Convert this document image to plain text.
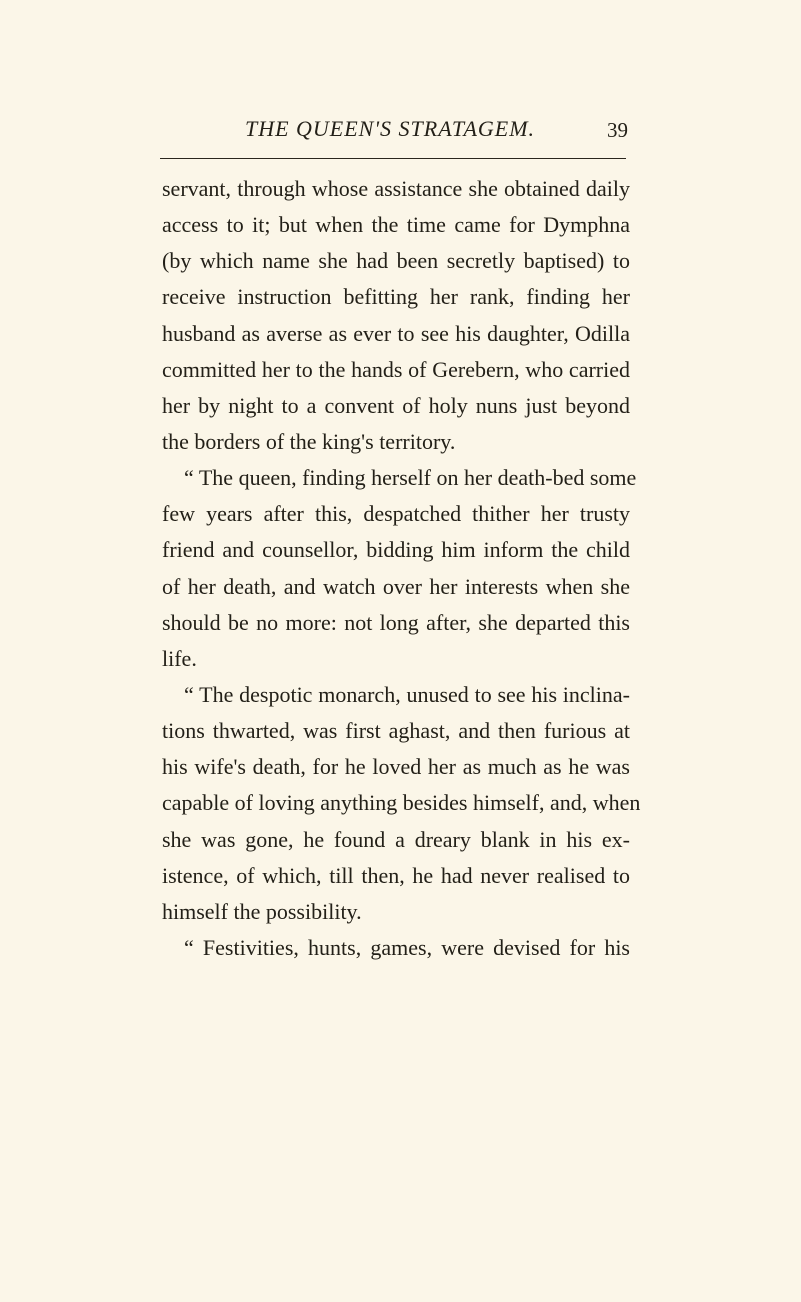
THE QUEEN'S STRATAGEM.	39
servant, through whose assistance she obtained daily
access to it; but when the time came for Dymphna
(by which name she had been secretly baptised) to
receive instruction befitting her rank, finding her
husband as averse as ever to see his daughter, Odilla
committed her to the hands of Gerebern, who carried
her by night to a convent of holy nuns just beyond
the borders of the king's territory.
“ The queen, finding herself on her death-bed some
few years after this, despatched thither her trusty
friend and counsellor, bidding him inform the child
of her death, and watch over her interests when she
should be no more: not long after, she departed this
life.
“ The despotic monarch, unused to see his inclina-
tions thwarted, was first aghast, and then furious at
his wife's death, for he loved her as much as he was
capable of loving anything besides himself, and, when
she was gone, he found a dreary blank in his ex-
istence, of which, till then, he had never realised to
himself the possibility.
“ Festivities, hunts, games, were devised for his
